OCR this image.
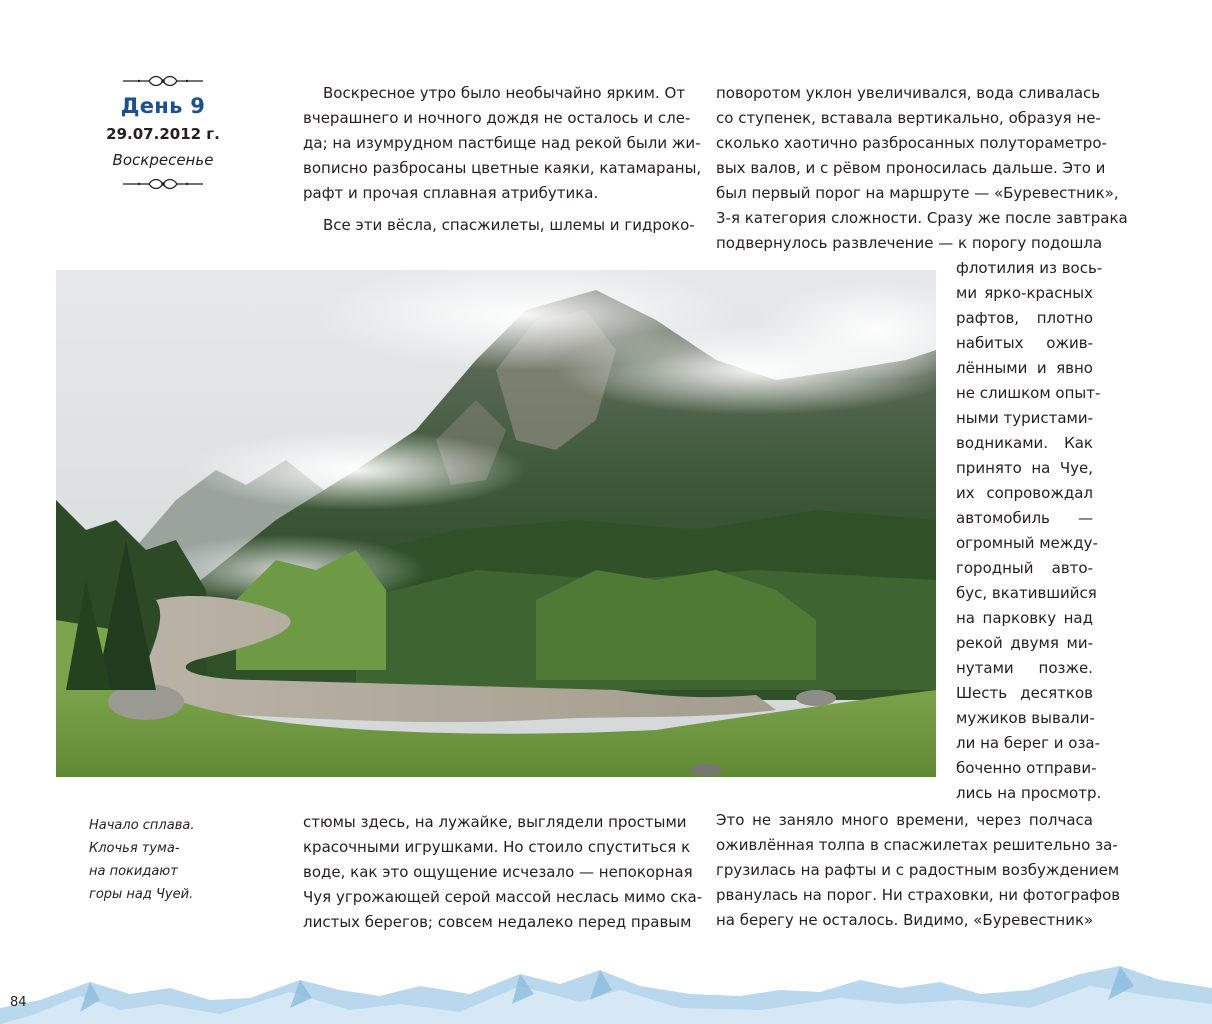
День 9
29.07.2012 г.
Воскресенье
Воскресное утро было необычайно ярким. От
вчерашнего и ночного дождя не осталось и сле-
да; на изумрудном пастбище над рекой были жи-
вописно разбросаны цветные каяки, катамараны,
рафт и прочая сплавная атрибутика.
Все эти вёсла, спасжилеты, шлемы и гидроко-
поворотом уклон увеличивался, вода сливалась
со ступенек, вставала вертикально, образуя не-
сколько хаотично разбросанных полутораметро-
вых валов, и с рёвом проносилась дальше. Это и
был первый порог на маршруте — «Буревестник»,
3-я категория сложности. Сразу же после завтрака
подвернулось развлечение — к порогу подошла
флотилия из вось-
ми ярко-красных
рафтов, плотно
набитых ожив-
лёнными и явно
не слишком опыт-
ными туристами-
водниками. Как
принято на Чуе,
их сопровождал
автомобиль —
огромный между-
городный авто-
бус, вкатившийся
на парковку над
рекой двумя ми-
нутами позже.
Шесть десятков
мужиков вывали-
ли на берег и оза-
боченно отправи-
лись на просмотр.
Начало сплава.
Клочья тума-
на покидают
горы над Чуей.
стюмы здесь, на лужайке, выглядели простыми
красочными игрушками. Но стоило спуститься к
воде, как это ощущение исчезало — непокорная
Чуя угрожающей серой массой неслась мимо ска-
листых берегов; совсем недалеко перед правым
Это не заняло много времени, через полчаса
оживлённая толпа в спасжилетах решительно за-
грузилась на рафты и с радостным возбуждением
рванулась на порог. Ни страховки, ни фотографов
на берегу не осталось. Видимо, «Буревестник»
84
